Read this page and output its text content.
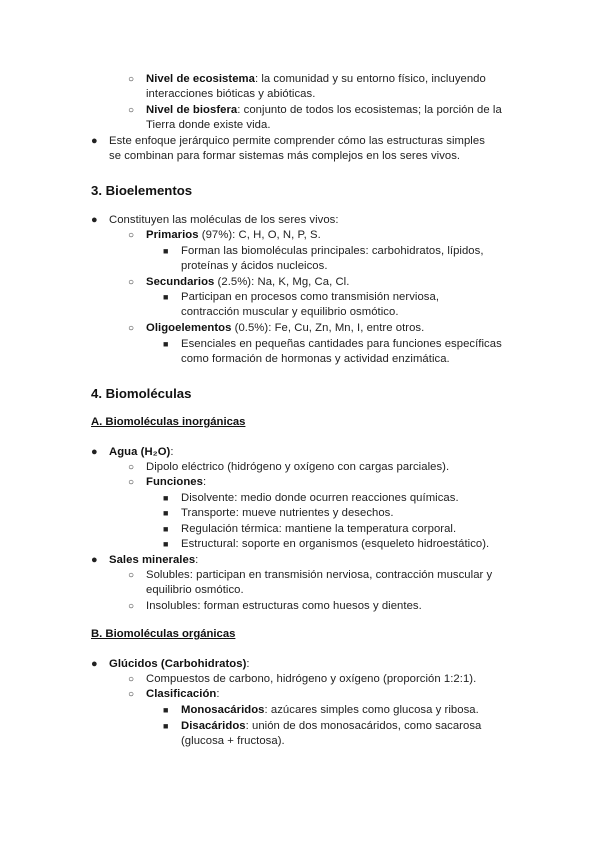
○ Nivel de ecosistema: la comunidad y su entorno físico, incluyendo
interacciones bióticas y abióticas.
○ Nivel de biosfera: conjunto de todos los ecosistemas; la porción de la
Tierra donde existe vida.
● Este enfoque jerárquico permite comprender cómo las estructuras simples
se combinan para formar sistemas más complejos en los seres vivos.
3. Bioelementos
● Constituyen las moléculas de los seres vivos:
○ Primarios (97%): C, H, O, N, P, S.
■ Forman las biomoléculas principales: carbohidratos, lípidos,
proteínas y ácidos nucleicos.
○ Secundarios (2.5%): Na, K, Mg, Ca, Cl.
■ Participan en procesos como transmisión nerviosa,
contracción muscular y equilibrio osmótico.
○ Oligoelementos (0.5%): Fe, Cu, Zn, Mn, I, entre otros.
■ Esenciales en pequeñas cantidades para funciones específicas
como formación de hormonas y actividad enzimática.
4. Biomoléculas
A. Biomoléculas inorgánicas
● Agua (H₂O):
○ Dipolo eléctrico (hidrógeno y oxígeno con cargas parciales).
○ Funciones:
■ Disolvente: medio donde ocurren reacciones químicas.
■ Transporte: mueve nutrientes y desechos.
■ Regulación térmica: mantiene la temperatura corporal.
■ Estructural: soporte en organismos (esqueleto hidroestático).
● Sales minerales:
○ Solubles: participan en transmisión nerviosa, contracción muscular y
equilibrio osmótico.
○ Insolubles: forman estructuras como huesos y dientes.
B. Biomoléculas orgánicas
● Glúcidos (Carbohidratos):
○ Compuestos de carbono, hidrógeno y oxígeno (proporción 1:2:1).
○ Clasificación:
■ Monosacáridos: azúcares simples como glucosa y ribosa.
■ Disacáridos: unión de dos monosacáridos, como sacarosa
(glucosa + fructosa).
